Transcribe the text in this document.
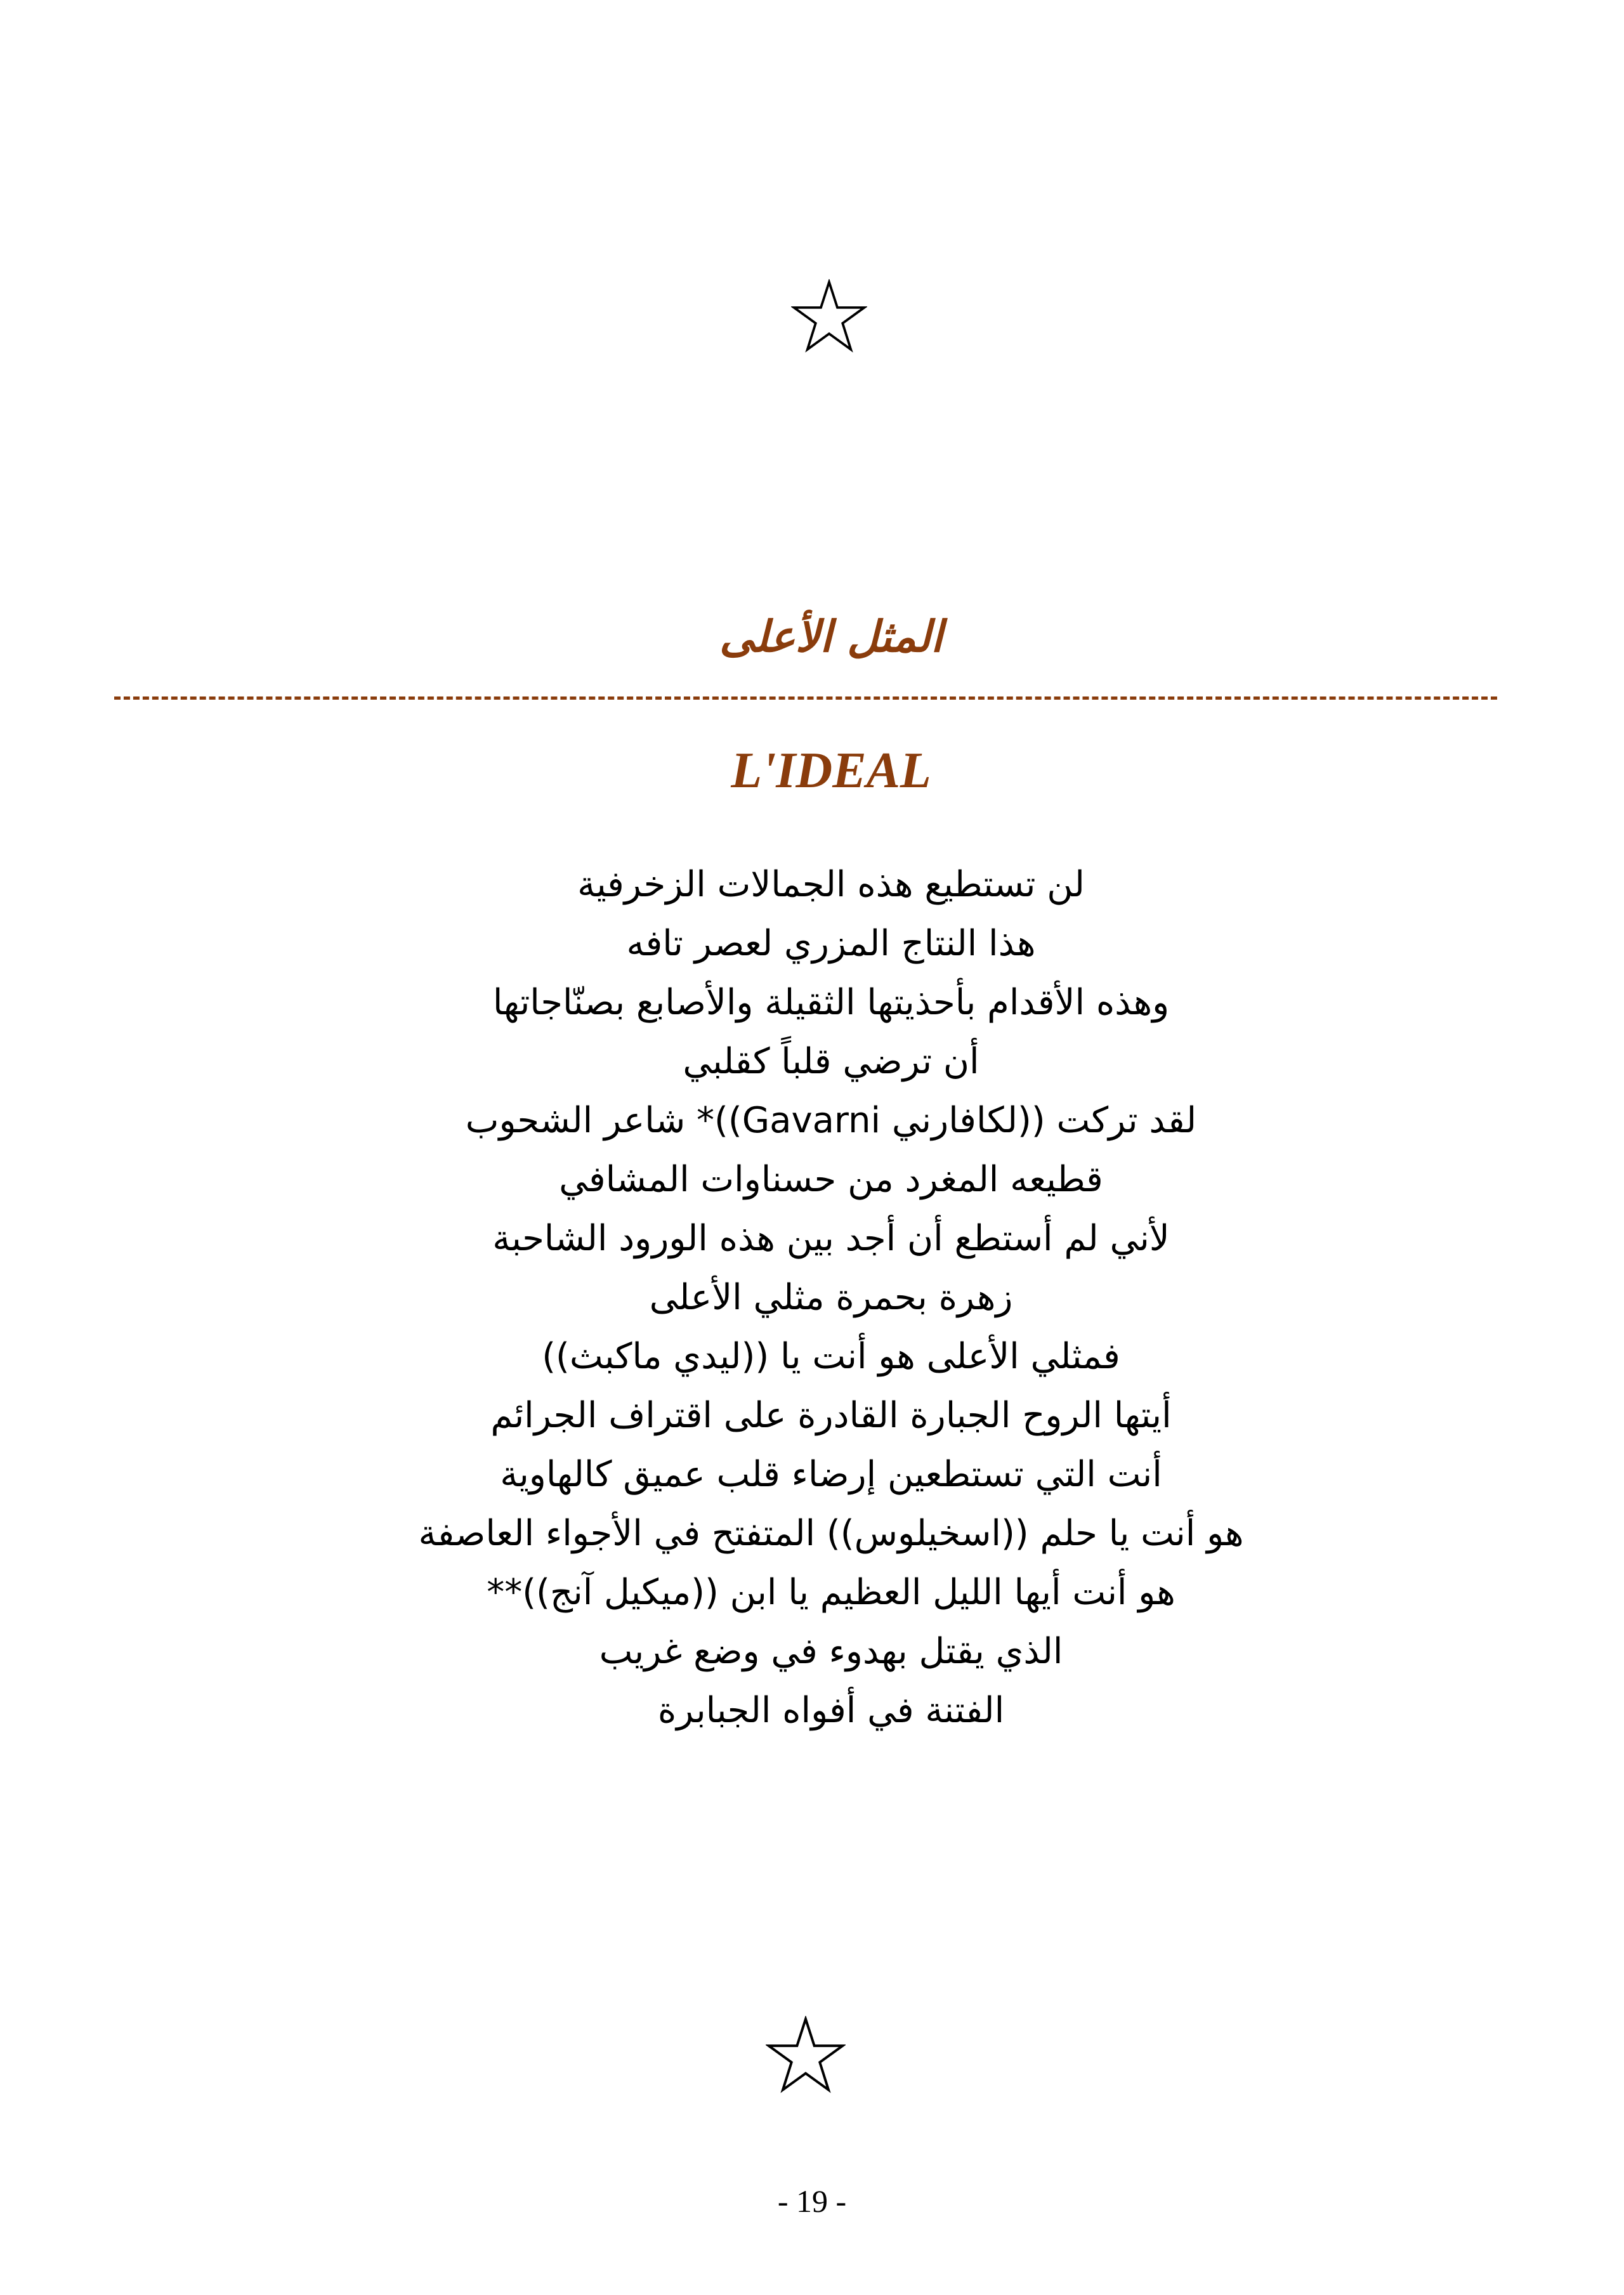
المثل الأعلى
L'IDEAL
لن تستطيع هذه الجمالات الزخرفية
هذا النتاج المزري لعصر تافه
وهذه الأقدام بأحذيتها الثقيلة والأصابع بصنّاجاتها
أن ترضي قلباً كقلبي
لقد تركت ((لكافارني Gavarni))* شاعر الشحوب
قطيعه المغرد من حسناوات المشافي
لأني لم أستطع أن أجد بين هذه الورود الشاحبة
زهرة بحمرة مثلي الأعلى
فمثلي الأعلى هو أنت يا ((ليدي ماكبث))
أيتها الروح الجبارة القادرة على اقتراف الجرائم
أنت التي تستطعين إرضاء قلب عميق كالهاوية
هو أنت يا حلم ((اسخيلوس)) المتفتح في الأجواء العاصفة
هو أنت أيها الليل العظيم يا ابن ((ميكيل آنج))**
الذي يقتل بهدوء في وضع غريب
الفتنة في أفواه الجبابرة
- 19 -
